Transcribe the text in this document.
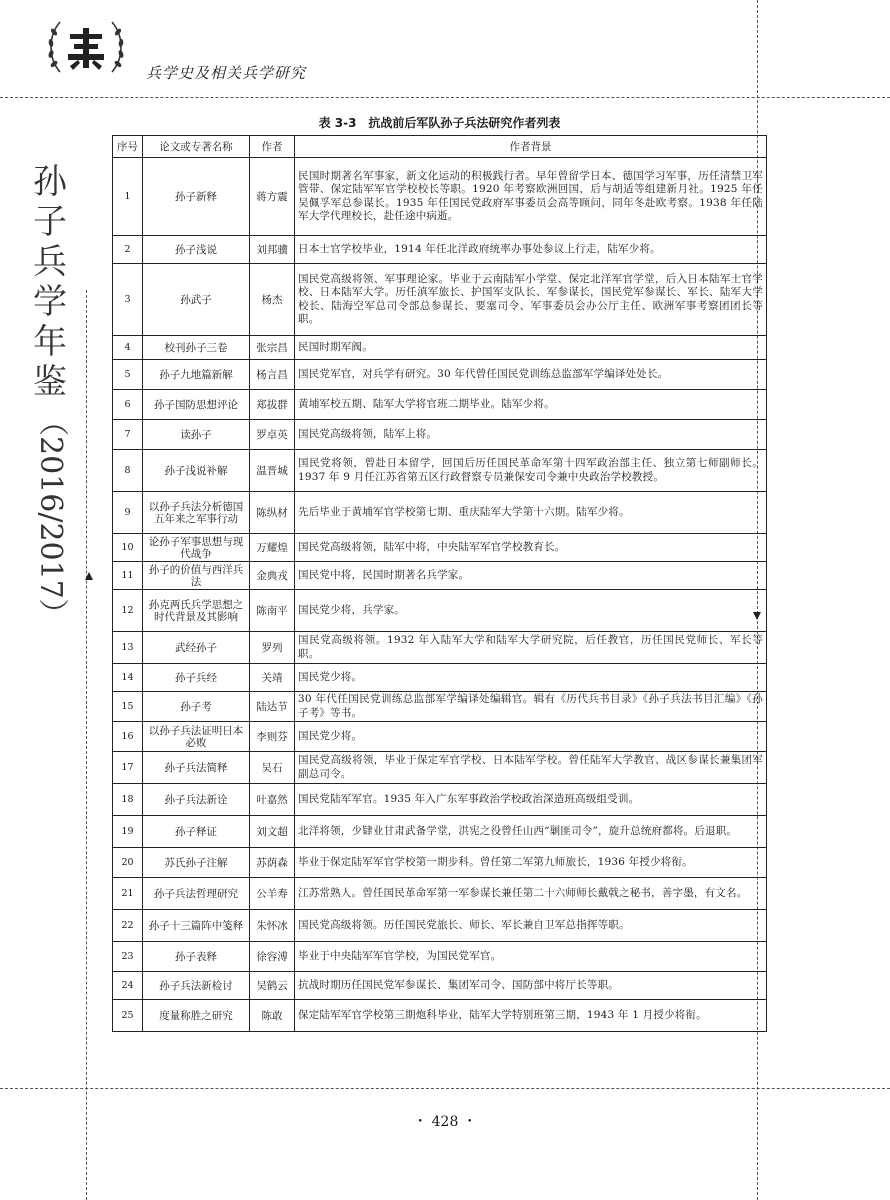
兵学史及相关兵学研究
孙
子
兵
学
年
鉴
（2016/2017）
表 3-3　抗战前后军队孙子兵法研究作者列表
序号	论文或专著名称	作者	作者背景
1	孙子新释	蒋方震	民国时期著名军事家，新文化运动的积极践行者。早年曾留学日本、德国学习军事，历任清禁卫军管带、保定陆军军官学校校长等职。1920 年考察欧洲回国，后与胡适等组建新月社。1925 年任吴佩孚军总参谋长。1935 年任国民党政府军事委员会高等顾问，同年冬赴欧考察。1938 年任陆军大学代理校长，赴任途中病逝。
2	孙子浅说	刘邦骥	日本士官学校毕业，1914 年任北洋政府统率办事处参议上行走，陆军少将。
3	孙武子	杨杰	国民党高级将领、军事理论家。毕业于云南陆军小学堂、保定北洋军官学堂，后入日本陆军士官学校、日本陆军大学。历任滇军旅长、护国军支队长、军参谋长，国民党军参谋长、军长、陆军大学校长、陆海空军总司令部总参谋长、要塞司令、军事委员会办公厅主任、欧洲军事考察团团长等职。
4	校刊孙子三卷	张宗昌	民国时期军阀。
5	孙子九地篇新解	杨言昌	国民党军官，对兵学有研究。30 年代曾任国民党训练总监部军学编译处处长。
6	孙子国防思想评论	郑拔群	黄埔军校五期、陆军大学将官班二期毕业。陆军少将。
7	读孙子	罗卓英	国民党高级将领，陆军上将。
8	孙子浅说补解	温晋城	国民党将领，曾赴日本留学，回国后历任国民革命军第十四军政治部主任、独立第七师副师长。1937 年 9 月任江苏省第五区行政督察专员兼保安司令兼中央政治学校教授。
9	以孙子兵法分析德国五年来之军事行动	陈纵材	先后毕业于黄埔军官学校第七期、重庆陆军大学第十六期。陆军少将。
10	论孙子军事思想与现代战争	万耀煌	国民党高级将领，陆军中将，中央陆军军官学校教育长。
11	孙子的价值与西洋兵法	金典戎	国民党中将，民国时期著名兵学家。
12	孙克两氏兵学思想之时代背景及其影响	陈南平	国民党少将，兵学家。
13	武经孙子	罗列	国民党高级将领。1932 年入陆军大学和陆军大学研究院，后任教官，历任国民党师长、军长等职。
14	孙子兵经	关靖	国民党少将。
15	孙子考	陆达节	30 年代任国民党训练总监部军学编译处编辑官。辑有《历代兵书目录》《孙子兵法书目汇编》《孙子考》等书。
16	以孙子兵法证明日本必败	李则芬	国民党少将。
17	孙子兵法简释	吴石	国民党高级将领，毕业于保定军官学校、日本陆军学校。曾任陆军大学教官、战区参谋长兼集团军副总司令。
18	孙子兵法新诠	叶嘉然	国民党陆军军官。1935 年入广东军事政治学校政治深造班高级组受训。
19	孙子释证	刘文超	北洋将领，少肄业甘肃武备学堂，洪宪之役曾任山西“剿匪司令”，旋升总统府都将。后退职。
20	苏氏孙子注解	苏荫森	毕业于保定陆军军官学校第一期步科。曾任第二军第九师旅长，1936 年授少将衔。
21	孙子兵法哲理研究	公羊寿	江苏常熟人。曾任国民革命军第一军参谋长兼任第二十六师师长戴戟之秘书，善字墨，有文名。
22	孙子十三篇阵中笺释	朱怀冰	国民党高级将领。历任国民党旅长、师长、军长兼自卫军总指挥等职。
23	孙子表释	徐容溥	毕业于中央陆军军官学校，为国民党军官。
24	孙子兵法新检讨	吴鹤云	抗战时期历任国民党军参谋长、集团军司令、国防部中将厅长等职。
25	度量称胜之研究	陈敢	保定陆军军官学校第三期炮科毕业，陆军大学特别班第三期，1943 年 1 月授少将衔。
・ 428 ・
